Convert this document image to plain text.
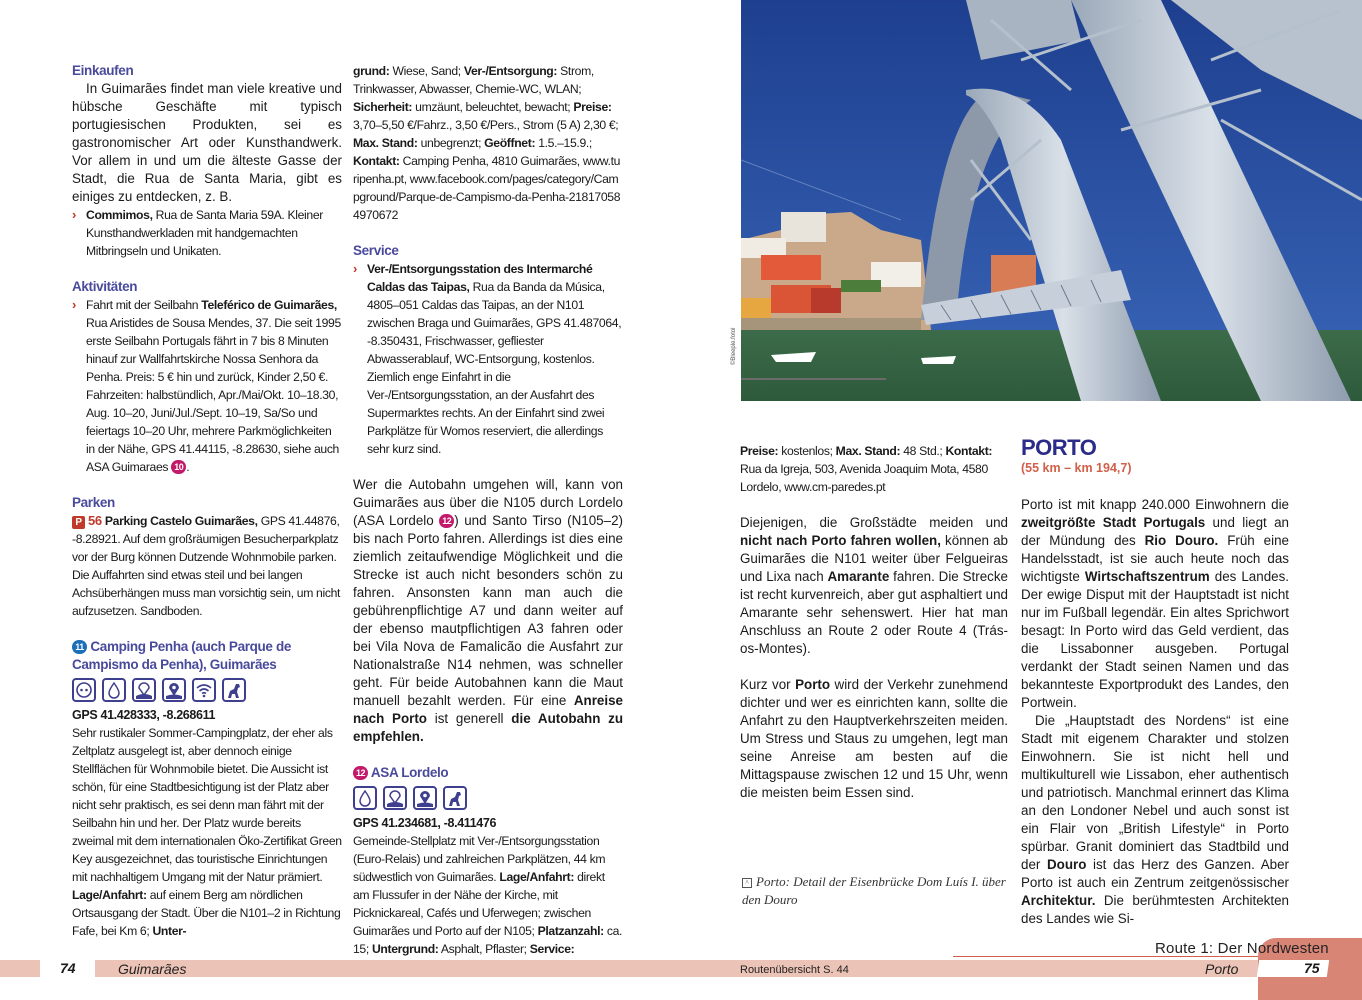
Einkaufen

In Guimarães findet man viele kreative und hübsche Geschäfte mit typisch portugiesischen Produkten, sei es gastronomischer Art oder Kunsthandwerk. Vor allem in und um die älteste Gasse der Stadt, die Rua de Santa Maria, gibt es einiges zu entdecken, z. B.

› Commimos, Rua de Santa Maria 59A. Kleiner Kunsthandwerkladen mit handgemachten Mitbringseln und Unikaten.
Aktivitäten
› Fahrt mit der Seilbahn Teleférico de Guimarães, Rua Aristides de Sousa Mendes, 37. Die seit 1995 erste Seilbahn Portugals fährt in 7 bis 8 Minuten hinauf zur Wallfahrtskirche Nossa Senhora da Penha. Preis: 5 € hin und zurück, Kinder 2,50 €. Fahrzeiten: halbstündlich, Apr./Mai/Okt. 10–18.30, Aug. 10–20, Juni/Jul./Sept. 10–19, Sa/So und feiertags 10–20 Uhr, mehrere Parkmöglichkeiten in der Nähe, GPS 41.44115, -8.28630, siehe auch ASA Guimaraes 10 .
Parken
P 56 Parking Castelo Guimarães, GPS 41.44876, -8.28921. Auf dem großräumigen Besucherparkplatz vor der Burg können Dutzende Wohnmobile parken. Die Auffahrten sind etwas steil und bei langen Achsüberhängen muss man vorsichtig sein, um nicht aufzusetzen. Sandboden.
11 Camping Penha (auch Parque de Campismo da Penha), Guimarães
GPS 41.428333, -8.268611
Sehr rustikaler Sommer-Campingplatz, der eher als Zeltplatz ausgelegt ist, aber dennoch einige Stellflächen für Wohnmobile bietet. Die Aussicht ist schön, für eine Stadtbesichtigung ist der Platz aber nicht sehr praktisch, es sei denn man fährt mit der Seilbahn hin und her. Der Platz wurde bereits zweimal mit dem internationalen Öko-Zertifikat Green Key ausgezeichnet, das touristische Einrichtungen mit nachhaltigem Umgang mit der Natur prämiert. Lage/Anfahrt: auf einem Berg am nördlichen Ortsausgang der Stadt. Über die N101–2 in Richtung Fafe, bei Km 6; Unter-
grund: Wiese, Sand; Ver-/Entsorgung: Strom, Trinkwasser, Abwasser, Chemie-WC, WLAN; Sicherheit: umzäunt, beleuchtet, bewacht; Preise: 3,70–5,50 €/Fahrz., 3,50 €/Pers., Strom (5 A) 2,30 €; Max. Stand: unbegrenzt; Geöffnet: 1.5.–15.9.; Kontakt: Camping Penha, 4810 Guimarães, www.turipenha.pt, www.facebook.com/pages/category/Campground/Parque-de-Campismo-da-Penha-218170584970672
Service
› Ver-/Entsorgungsstation des Intermarché Caldas das Taipas, Rua da Banda da Música, 4805–051 Caldas das Taipas, an der N101 zwischen Braga und Guimarães, GPS 41.487064, -8.350431, Frischwasser, gefliester Abwasserablauf, WC-Entsorgung, kostenlos. Ziemlich enge Einfahrt in die Ver-/Entsorgungsstation, an der Ausfahrt des Supermarktes rechts. An der Einfahrt sind zwei Parkplätze für Womos reserviert, die allerdings sehr kurz sind.

Wer die Autobahn umgehen will, kann von Guimarães aus über die N105 durch Lordelo (ASA Lordelo 12 ) und Santo Tirso (N105–2) bis nach Porto fahren. Allerdings ist dies eine ziemlich zeitaufwendige Möglichkeit und die Strecke ist auch nicht besonders schön zu fahren. Ansonsten kann man auch die gebührenpflichtige A7 und dann weiter auf der ebenso mautpflichtigen A3 fahren oder bei Vila Nova de Famalicão die Ausfahrt zur Nationalstraße N14 nehmen, was schneller geht. Für beide Autobahnen kann die Maut manuell bezahlt werden. Für eine Anreise nach Porto ist generell die Autobahn zu empfehlen.

12 ASA Lordelo
GPS 41.234681, -8.411476
Gemeinde-Stellplatz mit Ver-/Entsorgungsstation (Euro-Relais) und zahlreichen Parkplätzen, 44 km südwestlich von Guimarães. Lage/Anfahrt: direkt am Flussufer in der Nähe der Kirche, mit Picknickareal, Cafés und Uferwegen; zwischen Guimarães und Porto auf der N105; Platzanzahl: ca. 15; Untergrund: Asphalt, Pflaster; Service:
©Bleeple.fotol
Preise: kostenlos; Max. Stand: 48 Std.; Kontakt: Rua da Igreja, 503, Avenida Joaquim Mota, 4580 Lordelo, www.cm-paredes.pt

Diejenigen, die Großstädte meiden und nicht nach Porto fahren wollen, können ab Guimarães die N101 weiter über Felgueiras und Lixa nach Amarante fahren. Die Strecke ist recht kurvenreich, aber gut asphaltiert und Amarante sehr sehenswert. Hier hat man Anschluss an Route 2 oder Route 4 (Trás-os-Montes).

Kurz vor Porto wird der Verkehr zunehmend dichter und wer es einrichten kann, sollte die Anfahrt zu den Hauptverkehrszeiten meiden. Um Stress und Staus zu umgehen, legt man seine Anreise am besten auf die Mittagspause zwischen 12 und 15 Uhr, wenn die meisten beim Essen sind.

^ Porto: Detail der Eisenbrücke Dom Luís I. über den Douro
PORTO
(55 km – km 194,7)

Porto ist mit knapp 240.000 Einwohnern die zweitgrößte Stadt Portugals und liegt an der Mündung des Rio Douro. Früh eine Handelsstadt, ist sie auch heute noch das wichtigste Wirtschaftszentrum des Landes. Der ewige Disput mit der Hauptstadt ist nicht nur im Fußball legendär. Ein altes Sprichwort besagt: In Porto wird das Geld verdient, das die Lissabonner ausgeben. Portugal verdankt der Stadt seinen Namen und das bekannteste Exportprodukt des Landes, den Portwein.

Die „Hauptstadt des Nordens“ ist eine Stadt mit eigenem Charakter und stolzen Einwohnern. Sie ist nicht hell und multikulturell wie Lissabon, eher authentisch und patriotisch. Manchmal erinnert das Klima an den Londoner Nebel und auch sonst ist ein Flair von „British Lifestyle“ in Porto spürbar. Granit dominiert das Stadtbild und der Douro ist das Herz des Ganzen. Aber Porto ist auch ein Zentrum zeitgenössischer Architektur. Die berühmtesten Architekten des Landes wie Si-

74	Guimarães	Routenübersicht S. 44
Route 1: Der Nordwesten
Porto	75
